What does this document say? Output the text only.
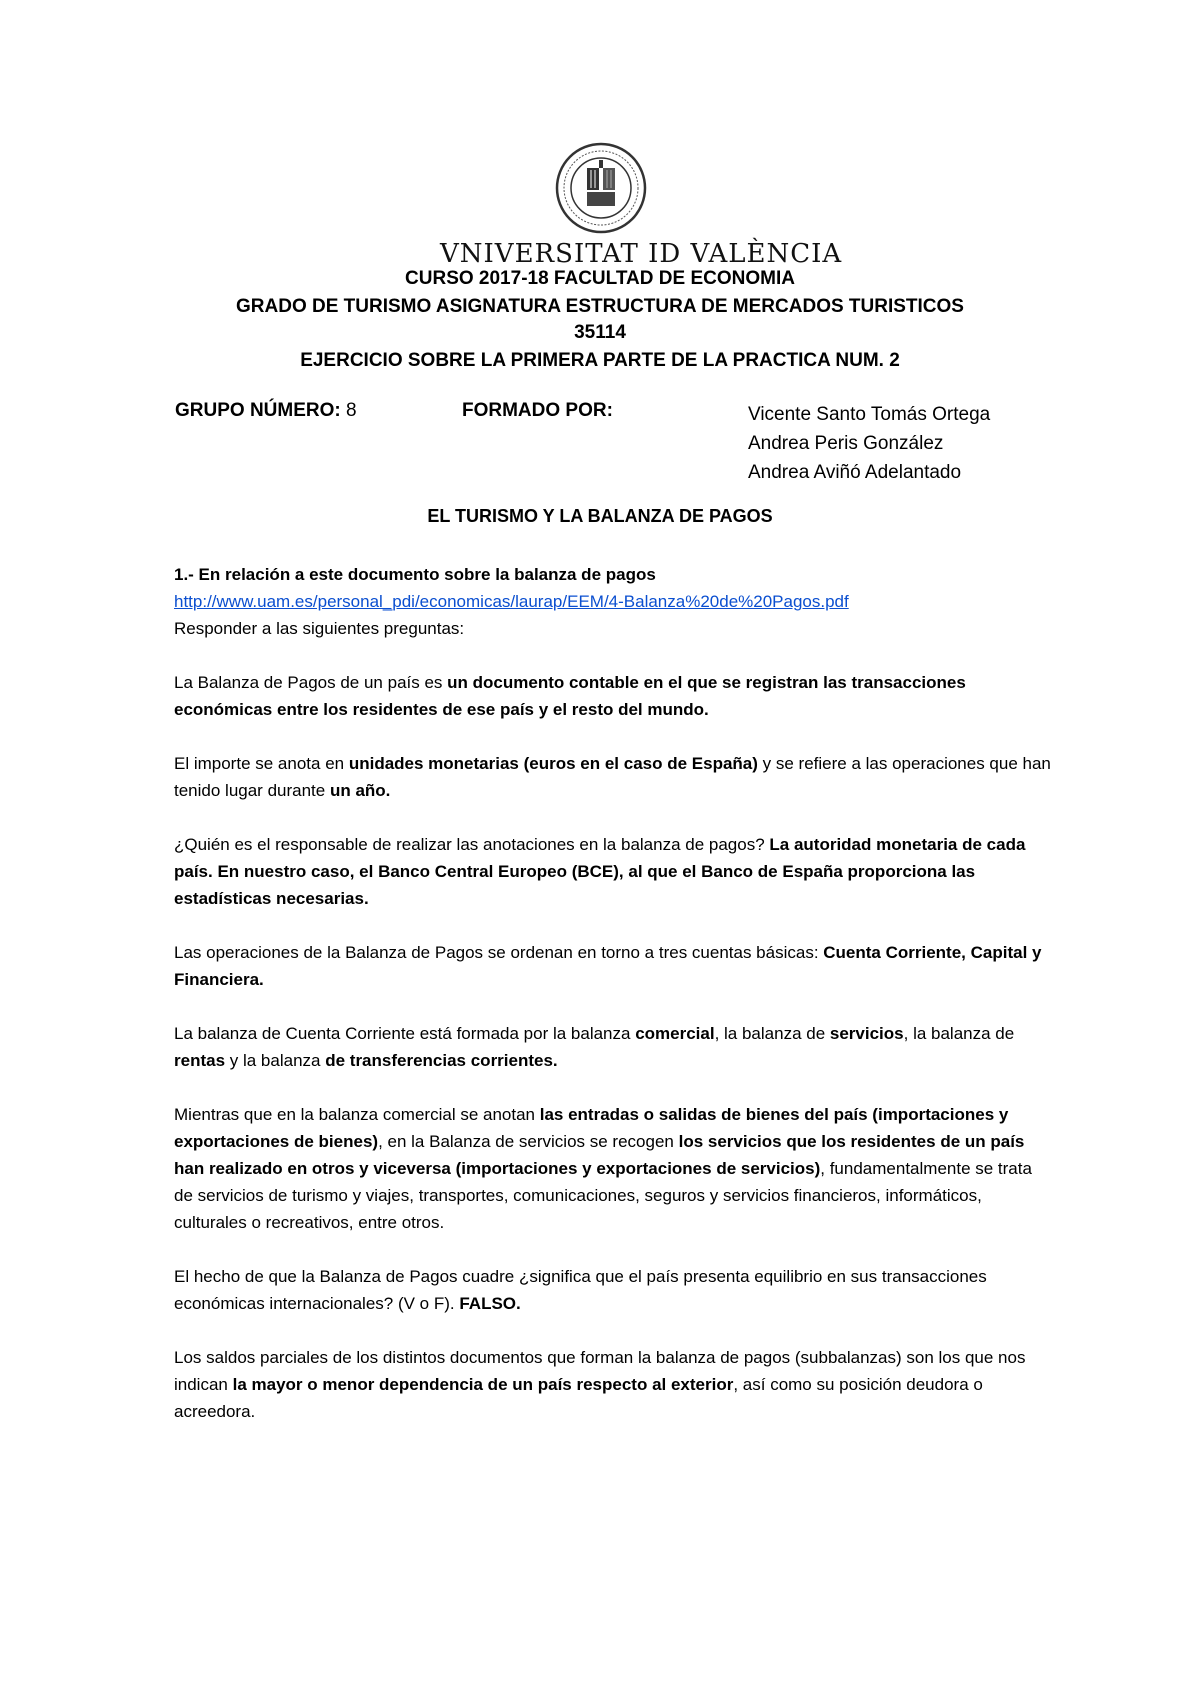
VNIVERSITAT ID VALÈNCIA
CURSO 2017-18 FACULTAD DE ECONOMIA
GRADO DE TURISMO ASIGNATURA ESTRUCTURA DE MERCADOS TURISTICOS
35114
EJERCICIO SOBRE LA PRIMERA PARTE DE LA PRACTICA NUM. 2
GRUPO NÚMERO: 8	FORMADO POR:	Vicente Santo Tomás Ortega
Andrea Peris González
Andrea Aviñó Adelantado
EL TURISMO Y LA BALANZA DE PAGOS

1.- En relación a este documento sobre la balanza de pagos

http://www.uam.es/personal_pdi/economicas/laurap/EEM/4-Balanza%20de%20Pagos.pdf

Responder a las siguientes preguntas:

La Balanza de Pagos de un país es un documento contable en el que se registran las transacciones económicas entre los residentes de ese país y el resto del mundo.

El importe se anota en unidades monetarias (euros en el caso de España) y se refiere a las operaciones que han tenido lugar durante un año.

¿Quién es el responsable de realizar las anotaciones en la balanza de pagos? La autoridad monetaria de cada país. En nuestro caso, el Banco Central Europeo (BCE), al que el Banco de España proporciona las estadísticas necesarias.

Las operaciones de la Balanza de Pagos se ordenan en torno a tres cuentas básicas: Cuenta Corriente, Capital y Financiera.

La balanza de Cuenta Corriente está formada por la balanza comercial, la balanza de servicios, la balanza de rentas y la balanza de transferencias corrientes.

Mientras que en la balanza comercial se anotan las entradas o salidas de bienes del país (importaciones y exportaciones de bienes), en la Balanza de servicios se recogen los servicios que los residentes de un país han realizado en otros y viceversa (importaciones y exportaciones de servicios), fundamentalmente se trata de servicios de turismo y viajes, transportes, comunicaciones, seguros y servicios financieros, informáticos, culturales o recreativos, entre otros.

El hecho de que la Balanza de Pagos cuadre ¿significa que el país presenta equilibrio en sus transacciones económicas internacionales? (V o F). FALSO.

Los saldos parciales de los distintos documentos que forman la balanza de pagos (subbalanzas) son los que nos indican la mayor o menor dependencia de un país respecto al exterior, así como su posición deudora o acreedora.
